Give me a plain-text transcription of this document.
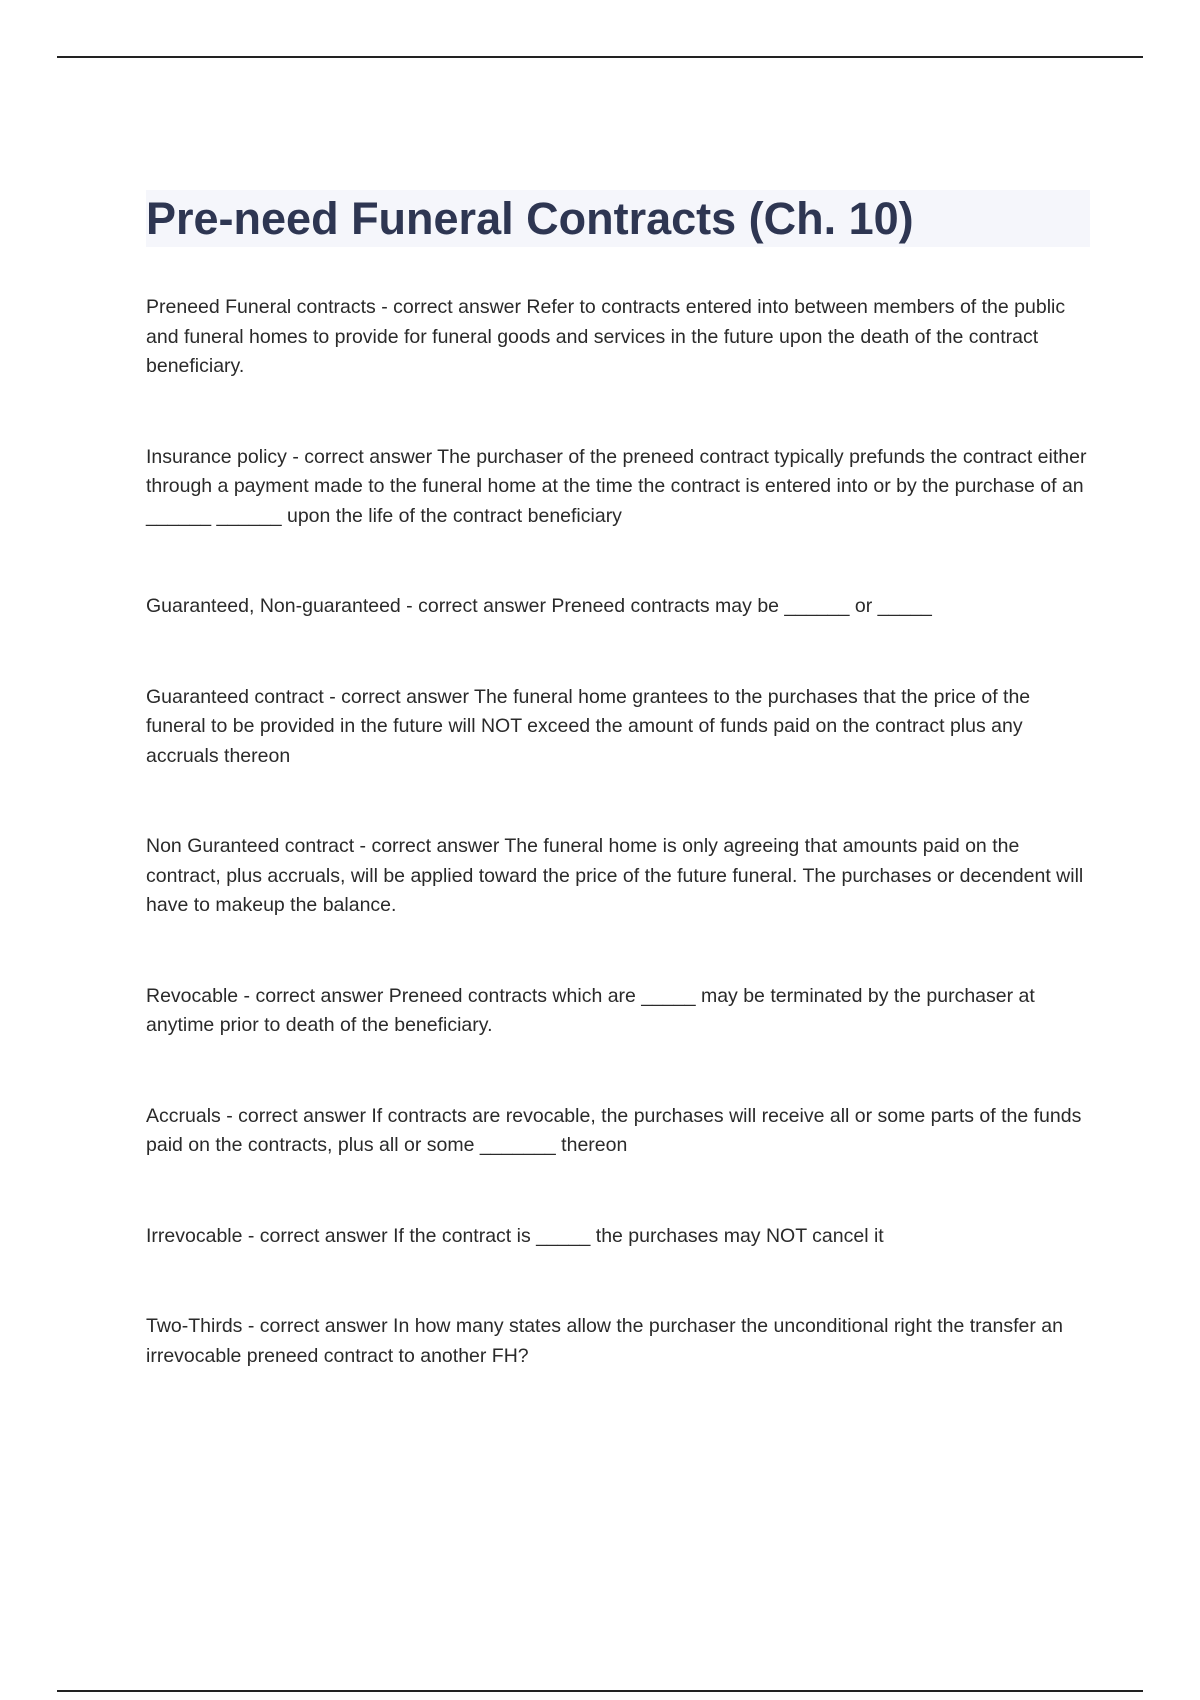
Pre-need Funeral Contracts (Ch. 10)

Preneed Funeral contracts - correct answer Refer to contracts entered into between members of the public and funeral homes to provide for funeral goods and services in the future upon the death of the contract beneficiary.

Insurance policy - correct answer The purchaser of the preneed contract typically prefunds the contract either through a payment made to the funeral home at the time the contract is entered into or by the purchase of an ______ ______ upon the life of the contract beneficiary

Guaranteed, Non-guaranteed - correct answer Preneed contracts may be ______ or _____

Guaranteed contract - correct answer The funeral home grantees to the purchases that the price of the funeral to be provided in the future will NOT exceed the amount of funds paid on the contract plus any accruals thereon

Non Guranteed contract - correct answer The funeral home is only agreeing that amounts paid on the contract, plus accruals, will be applied toward the price of the future funeral. The purchases or decendent will have to makeup the balance.

Revocable - correct answer Preneed contracts which are _____ may be terminated by the purchaser at anytime prior to death of the beneficiary.

Accruals - correct answer If contracts are revocable, the purchases will receive all or some parts of the funds paid on the contracts, plus all or some _______ thereon

Irrevocable - correct answer If the contract is _____ the purchases may NOT cancel it

Two-Thirds - correct answer In how many states allow the purchaser the unconditional right the transfer an irrevocable preneed contract to another FH?
